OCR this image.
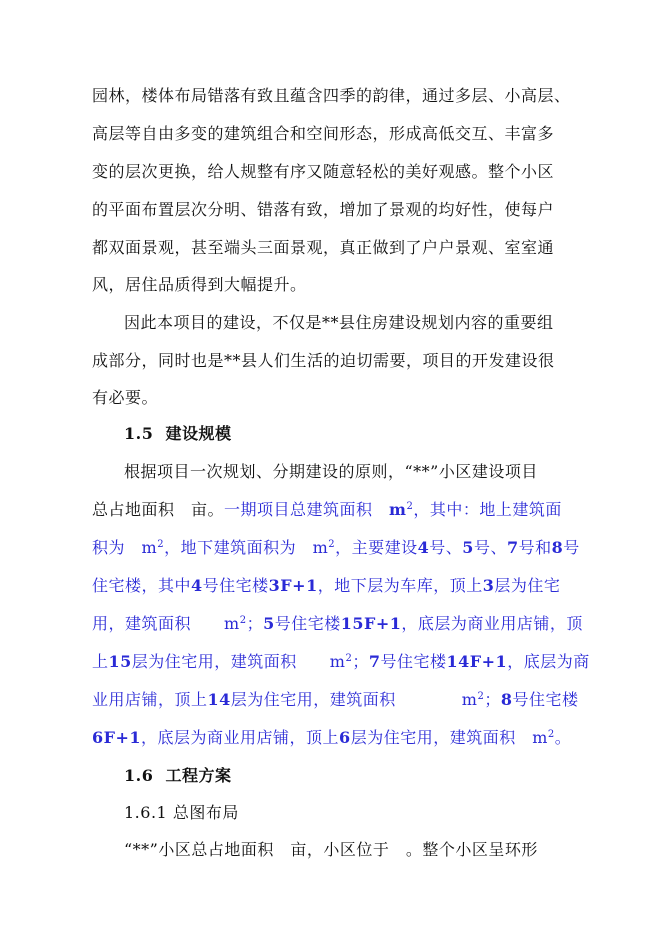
园林，楼体布局错落有致且蕴含四季的韵律，通过多层、小高层、
高层等自由多变的建筑组合和空间形态，形成高低交互、丰富多
变的层次更换，给人规整有序又随意轻松的美好观感。整个小区
的平面布置层次分明、错落有致，增加了景观的均好性，使每户
都双面景观，甚至端头三面景观，真正做到了户户景观、室室通
风，居住品质得到大幅提升。
因此本项目的建设，不仅是**县住房建设规划内容的重要组
成部分，同时也是**县人们生活的迫切需要，项目的开发建设很
有必要。
1.5 建设规模
根据项目一次规划、分期建设的原则，“**”小区建设项目
总占地面积　亩。一期项目总建筑面积　$m^2$，其中：地上建筑面
积为　$m^2$，地下建筑面积为　$m^2$，主要建设4号、5号、7号和8号
住宅楼，其中4号住宅楼3F+1，地下层为车库，顶上3层为住宅
用，建筑面积　　$m^2$；5号住宅楼15F+1，底层为商业用店铺，顶
上15层为住宅用，建筑面积　　$m^2$；7号住宅楼14F+1，底层为商
业用店铺，顶上14层为住宅用，建筑面积　　　　$m^2$；8号住宅楼
6F+1，底层为商业用店铺，顶上6层为住宅用，建筑面积　$m^2$。
1.6 工程方案
1.6.1 总图布局
“**”小区总占地面积　亩，小区位于　。整个小区呈环形
